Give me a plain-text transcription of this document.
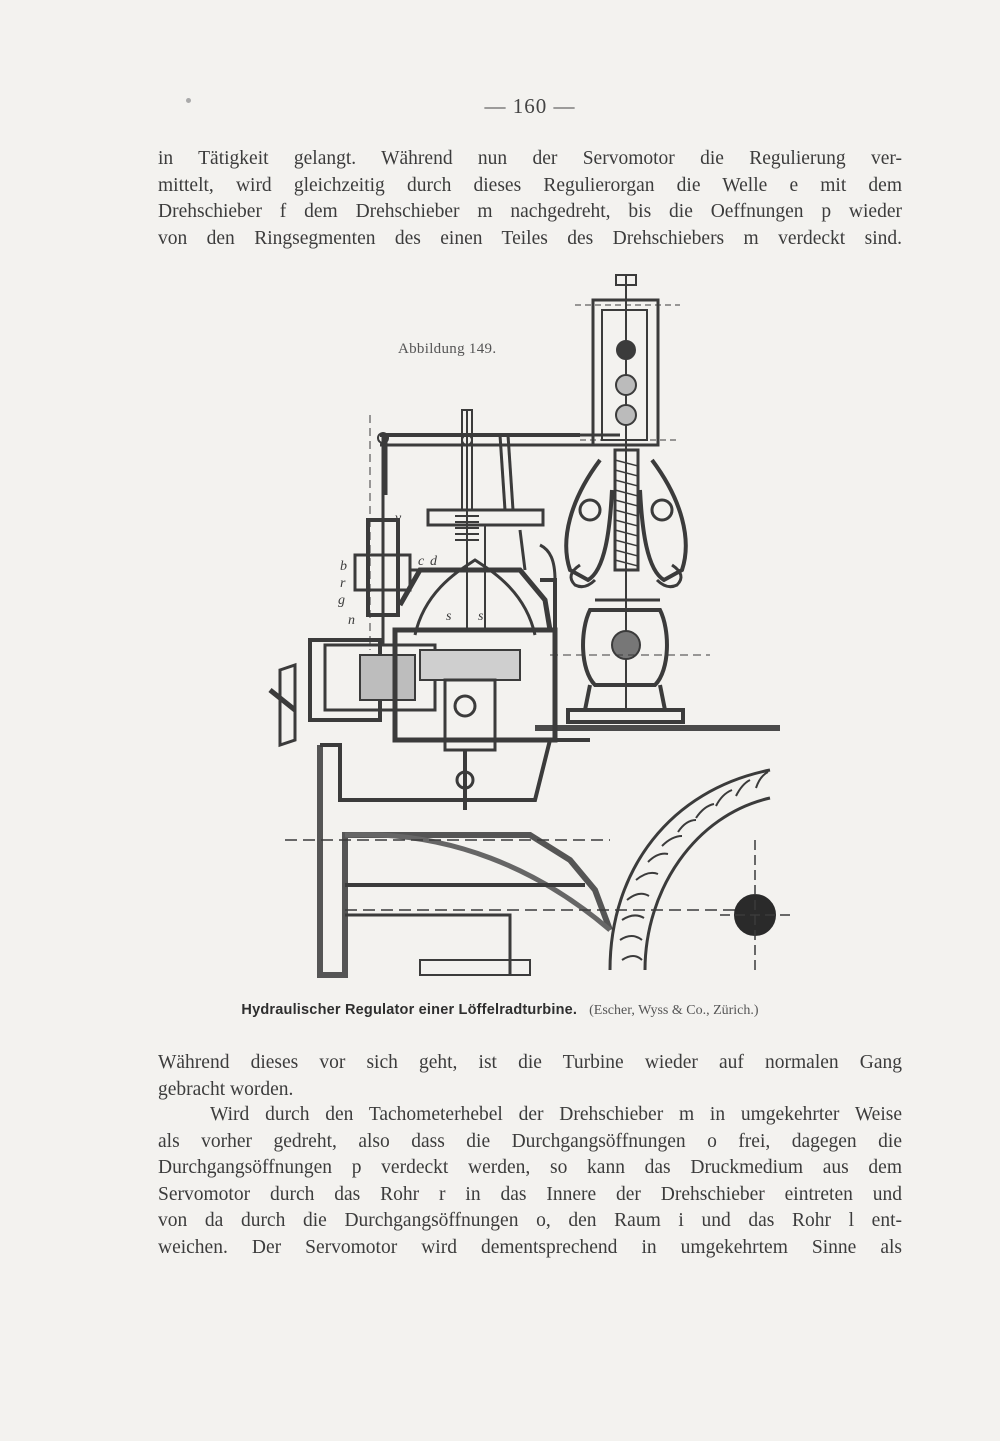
— 160 —
in Tätigkeit gelangt. Während nun der Servomotor die Regulierung ver-
mittelt, wird gleichzeitig durch dieses Regulierorgan die Welle e mit dem
Drehschieber f dem Drehschieber m nachgedreht, bis die Oeffnungen p wieder
von den Ringsegmenten des einen Teiles des Drehschiebers m verdeckt sind.
Abbildung 149.
v
b
r
g
n
c d
s s
Hydraulischer Regulator einer Löffelradturbine. (Escher, Wyss & Co., Zürich.)
Während dieses vor sich geht, ist die Turbine wieder auf normalen Gang
gebracht worden.
Wird durch den Tachometerhebel der Drehschieber m in umgekehrter Weise
als vorher gedreht, also dass die Durchgangsöffnungen o frei, dagegen die
Durchgangsöffnungen p verdeckt werden, so kann das Druckmedium aus dem
Servomotor durch das Rohr r in das Innere der Drehschieber eintreten und
von da durch die Durchgangsöffnungen o, den Raum i und das Rohr l ent-
weichen. Der Servomotor wird dementsprechend in umgekehrtem Sinne als
